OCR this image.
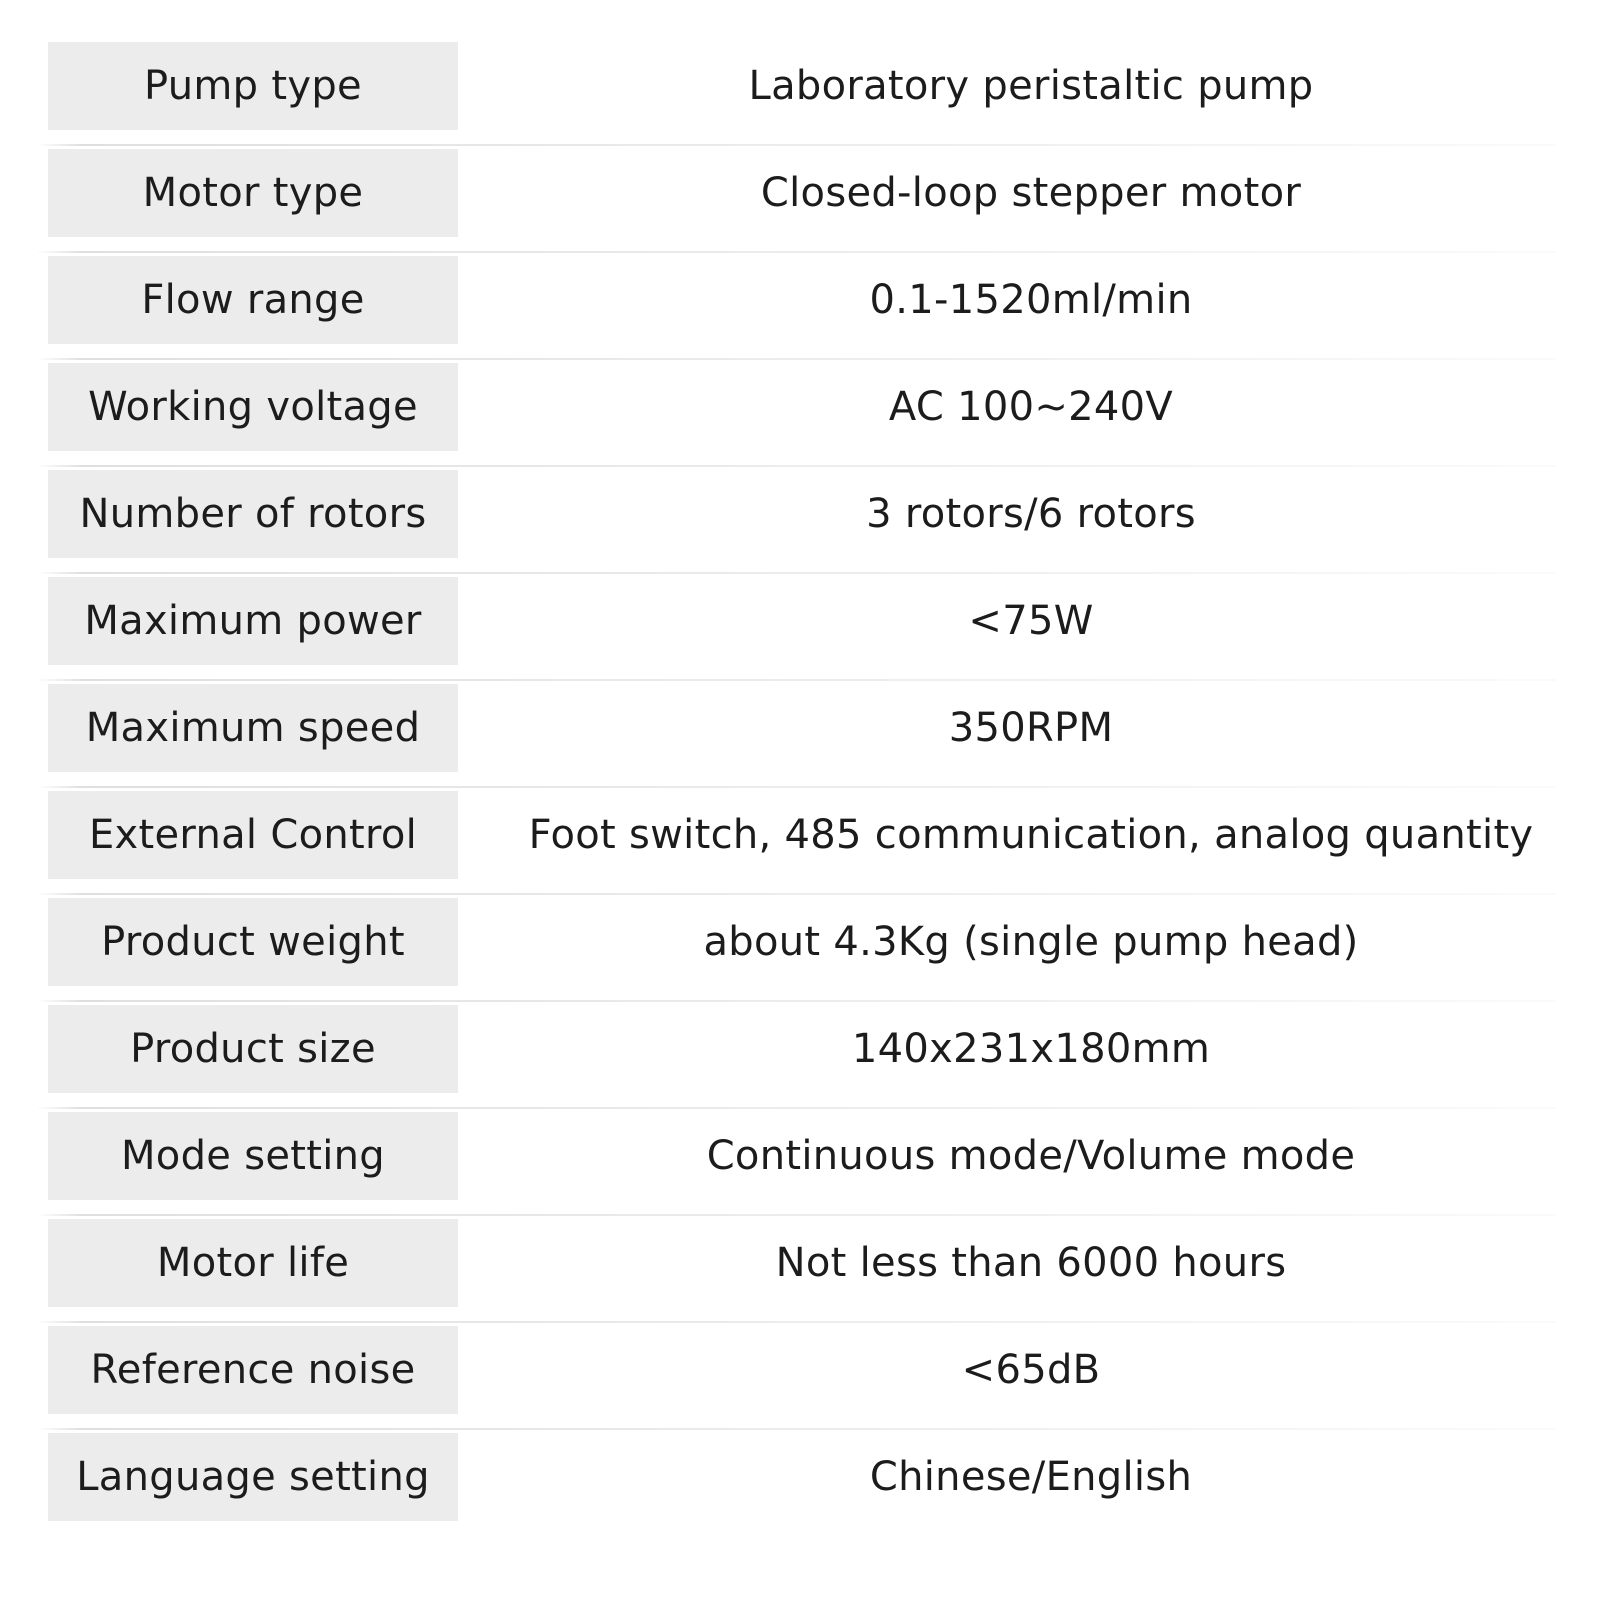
Pump type	Laboratory peristaltic pump
Motor type	Closed-loop stepper motor
Flow range	0.1-1520ml/min
Working voltage	AC 100~240V
Number of rotors	3 rotors/6 rotors
Maximum power	<75W
Maximum speed	350RPM
External Control	Foot switch, 485 communication, analog quantity
Product weight	about 4.3Kg (single pump head)
Product size	140x231x180mm
Mode setting	Continuous mode/Volume mode
Motor life	Not less than 6000 hours
Reference noise	<65dB
Language setting	Chinese/English
